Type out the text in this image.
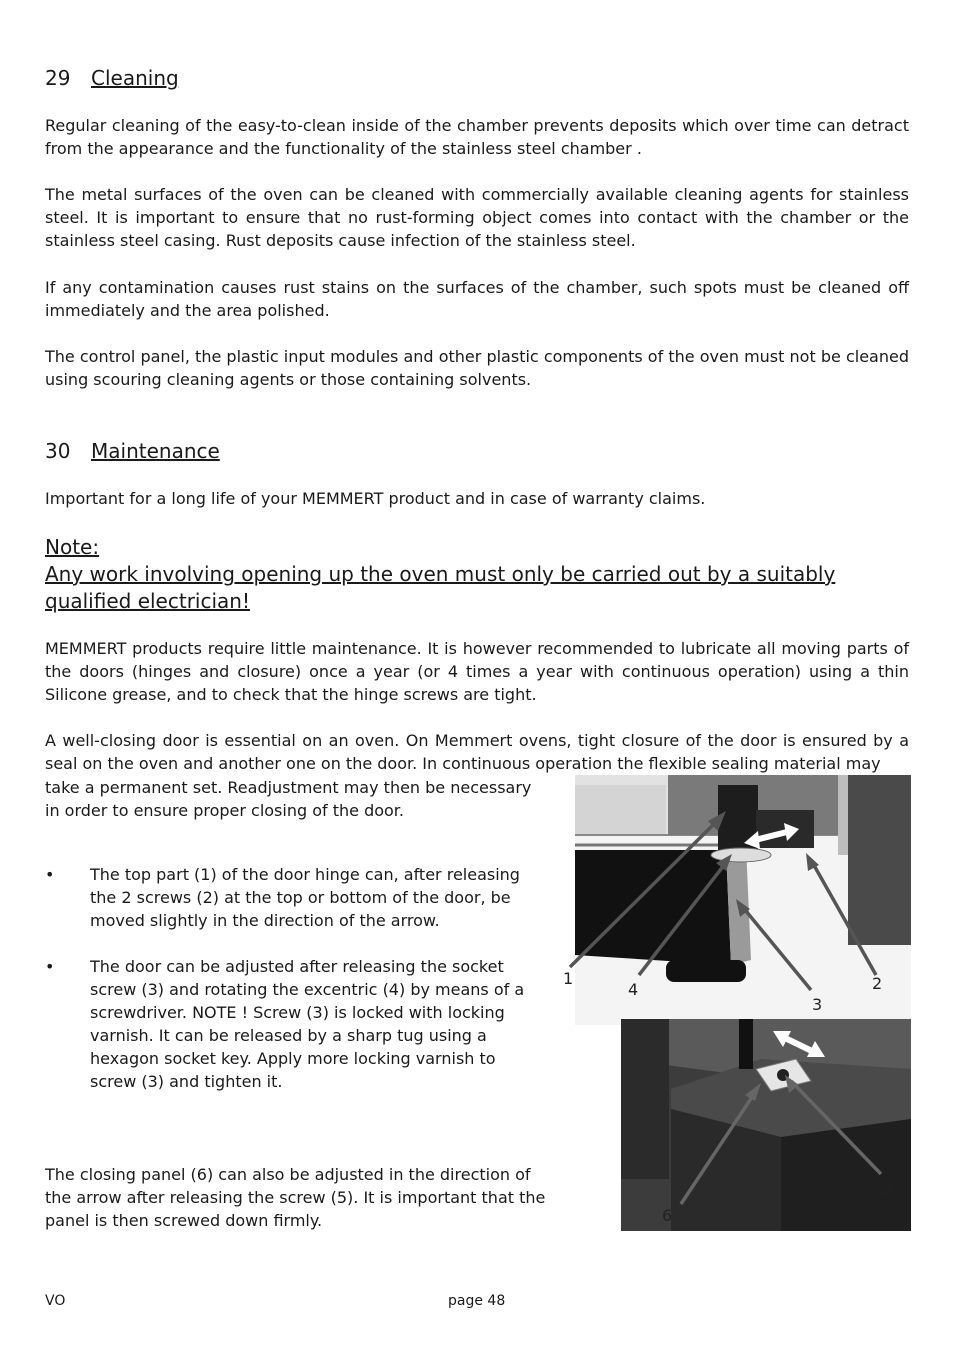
29 Cleaning

Regular cleaning of the easy-to-clean inside of the chamber prevents deposits which over time can detract from the appearance and the functionality of the stainless steel chamber .

The metal surfaces of the oven can be cleaned with commercially available cleaning agents for stainless steel. It is important to ensure that no rust-forming object comes into contact with the chamber or the stainless steel casing. Rust deposits cause infection of the stainless steel.

If any contamination causes rust stains on the surfaces of the chamber, such spots must be cleaned off immediately and the area polished.

The control panel, the plastic input modules and other plastic components of the oven must not be cleaned using scouring cleaning agents or those containing solvents.

30 Maintenance

Important for a long life of your MEMMERT product and in case of warranty claims.

Note:
Any work involving opening up the oven must only be carried out by a suitably qualified electrician!

MEMMERT products require little maintenance. It is however recommended to lubricate all moving parts of the doors (hinges and closure) once a year (or 4 times a year with continuous operation) using a thin Silicone grease, and to check that the hinge screws are tight.

A well-closing door is essential on an oven. On Memmert ovens, tight closure of the door is ensured by a seal on the oven and another one on the door. In continuous operation the flexible sealing material may

take a permanent set. Readjustment may then be necessary in order to ensure proper closing of the door.

• The top part (1) of the door hinge can, after releasing the 2 screws (2) at the top or bottom of the door, be moved slightly in the direction of the arrow.
• The door can be adjusted after releasing the socket screw (3) and rotating the excentric (4) by means of a screwdriver. NOTE ! Screw (3) is locked with locking varnish. It can be released by a sharp tug using a hexagon socket key. Apply more locking varnish to screw (3) and tighten it.

The closing panel (6) can also be adjusted in the direction of the arrow after releasing the screw (5). It is important that the panel is then screwed down firmly.

1
4
3
2
6
5
VO	page 48
